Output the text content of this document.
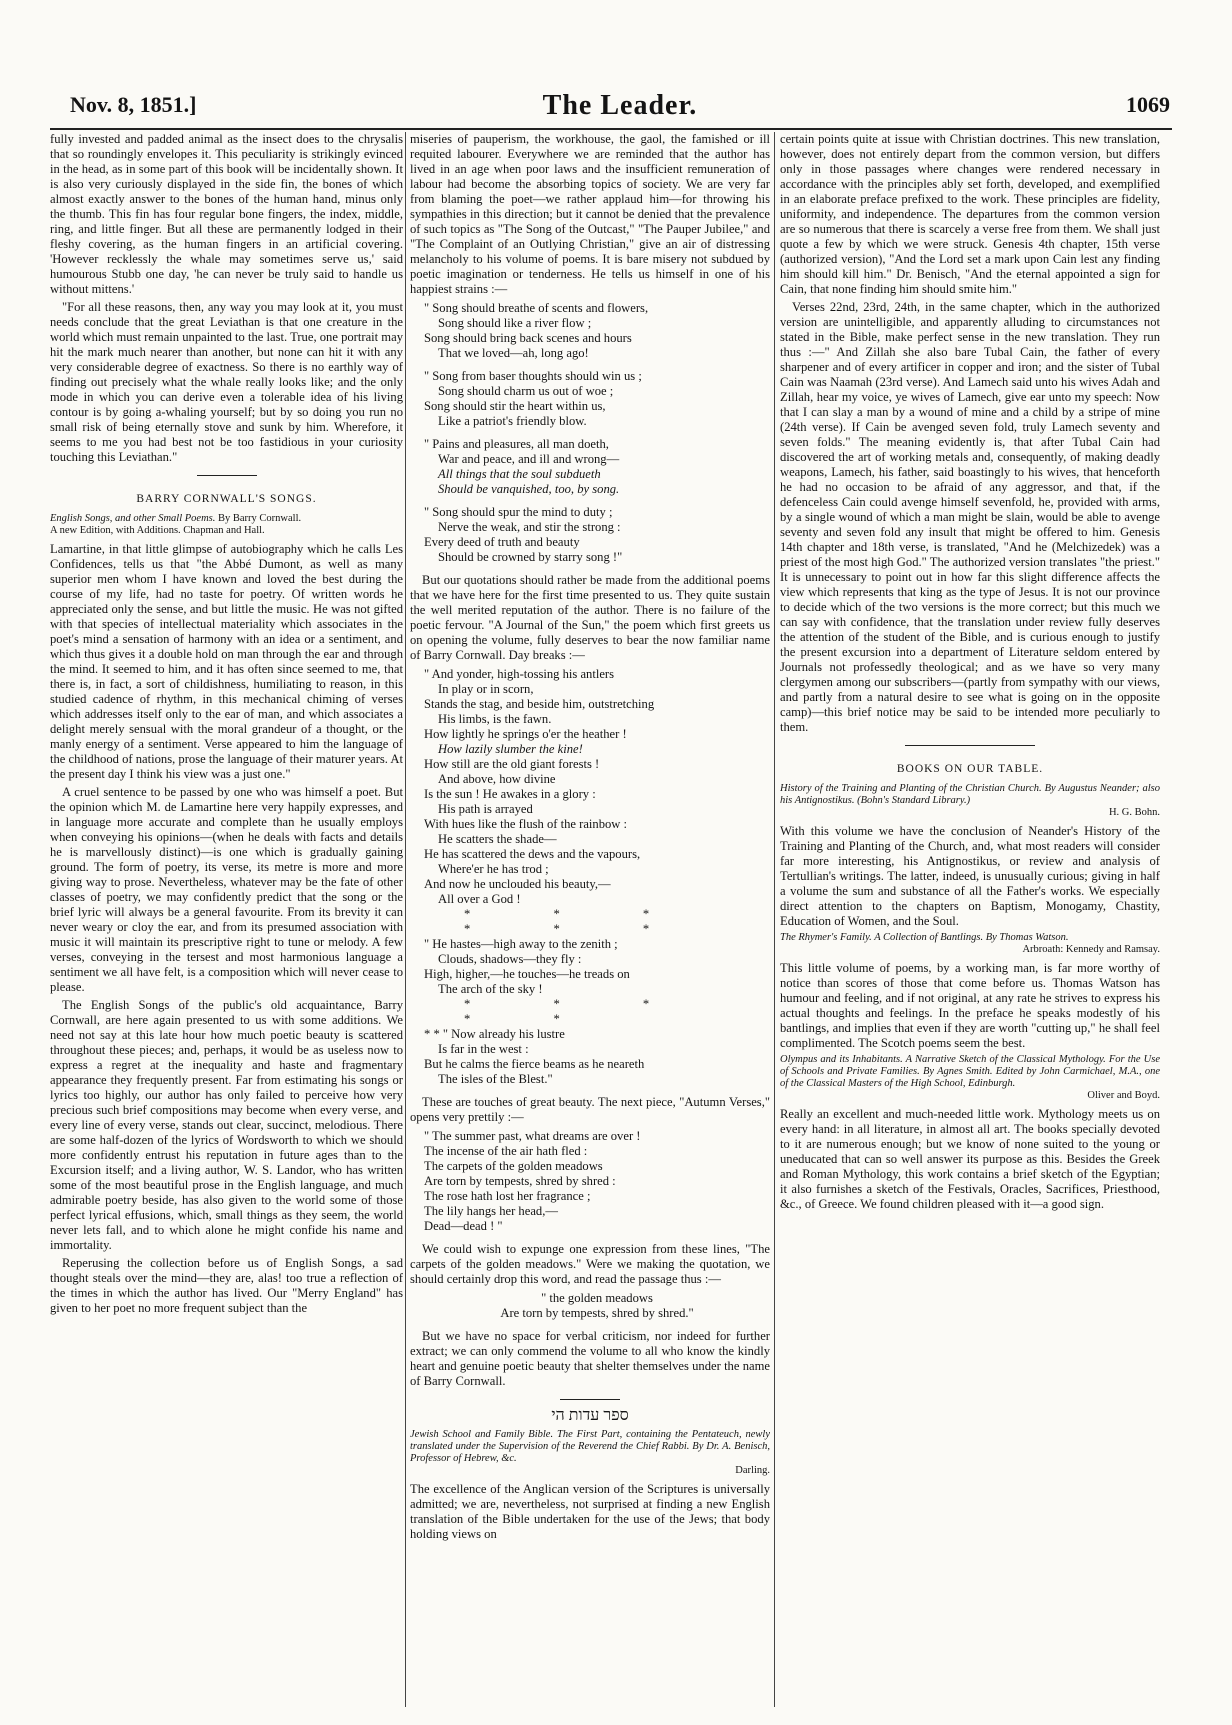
Nov. 8, 1851.]	The Leader.	1069

fully invested and padded animal as the insect does to the chrysalis that so roundingly envelopes it. This peculiarity is strikingly evinced in the head, as in some part of this book will be incidentally shown. It is also very curiously displayed in the side fin, the bones of which almost exactly answer to the bones of the human hand, minus only the thumb. This fin has four regular bone fingers, the index, middle, ring, and little finger. But all these are permanently lodged in their fleshy covering, as the human fingers in an artificial covering. 'However recklessly the whale may sometimes serve us,' said humourous Stubb one day, 'he can never be truly said to handle us without mittens.'

"For all these reasons, then, any way you may look at it, you must needs conclude that the great Leviathan is that one creature in the world which must remain unpainted to the last. True, one portrait may hit the mark much nearer than another, but none can hit it with any very considerable degree of exactness. So there is no earthly way of finding out precisely what the whale really looks like; and the only mode in which you can derive even a tolerable idea of his living contour is by going a-whaling yourself; but by so doing you run no small risk of being eternally stove and sunk by him. Wherefore, it seems to me you had best not be too fastidious in your curiosity touching this Leviathan."

BARRY CORNWALL'S SONGS.
English Songs, and other Small Poems. By Barry Cornwall.
A new Edition, with Additions. Chapman and Hall.

Lamartine, in that little glimpse of autobiography which he calls Les Confidences, tells us that "the Abbé Dumont, as well as many superior men whom I have known and loved the best during the course of my life, had no taste for poetry. Of written words he appreciated only the sense, and but little the music. He was not gifted with that species of intellectual materiality which associates in the poet's mind a sensation of harmony with an idea or a sentiment, and which thus gives it a double hold on man through the ear and through the mind. It seemed to him, and it has often since seemed to me, that there is, in fact, a sort of childishness, humiliating to reason, in this studied cadence of rhythm, in this mechanical chiming of verses which addresses itself only to the ear of man, and which associates a delight merely sensual with the moral grandeur of a thought, or the manly energy of a sentiment. Verse appeared to him the language of the childhood of nations, prose the language of their maturer years. At the present day I think his view was a just one."

A cruel sentence to be passed by one who was himself a poet. But the opinion which M. de Lamartine here very happily expresses, and in language more accurate and complete than he usually employs when conveying his opinions—(when he deals with facts and details he is marvellously distinct)—is one which is gradually gaining ground. The form of poetry, its verse, its metre is more and more giving way to prose. Nevertheless, whatever may be the fate of other classes of poetry, we may confidently predict that the song or the brief lyric will always be a general favourite. From its brevity it can never weary or cloy the ear, and from its presumed association with music it will maintain its prescriptive right to tune or melody. A few verses, conveying in the tersest and most harmonious language a sentiment we all have felt, is a composition which will never cease to please.

The English Songs of the public's old acquaintance, Barry Cornwall, are here again presented to us with some additions. We need not say at this late hour how much poetic beauty is scattered throughout these pieces; and, perhaps, it would be as useless now to express a regret at the inequality and haste and fragmentary appearance they frequently present. Far from estimating his songs or lyrics too highly, our author has only failed to perceive how very precious such brief compositions may become when every verse, and every line of every verse, stands out clear, succinct, melodious. There are some half-dozen of the lyrics of Wordsworth to which we should more confidently entrust his reputation in future ages than to the Excursion itself; and a living author, W. S. Landor, who has written some of the most beautiful prose in the English language, and much admirable poetry beside, has also given to the world some of those perfect lyrical effusions, which, small things as they seem, the world never lets fall, and to which alone he might confide his name and immortality.

Reperusing the collection before us of English Songs, a sad thought steals over the mind—they are, alas! too true a reflection of the times in which the author has lived. Our "Merry England" has given to her poet no more frequent subject than the

miseries of pauperism, the workhouse, the gaol, the famished or ill requited labourer. Everywhere we are reminded that the author has lived in an age when poor laws and the insufficient remuneration of labour had become the absorbing topics of society. We are very far from blaming the poet—we rather applaud him—for throwing his sympathies in this direction; but it cannot be denied that the prevalence of such topics as "The Song of the Outcast," "The Pauper Jubilee," and "The Complaint of an Outlying Christian," give an air of distressing melancholy to his volume of poems. It is bare misery not subdued by poetic imagination or tenderness. He tells us himself in one of his happiest strains :—

" Song should breathe of scents and flowers,
Song should like a river flow ;
Song should bring back scenes and hours
That we loved—ah, long ago!
" Song from baser thoughts should win us ;
Song should charm us out of woe ;
Song should stir the heart within us,
Like a patriot's friendly blow.
" Pains and pleasures, all man doeth,
War and peace, and ill and wrong—
All things that the soul subdueth
Should be vanquished, too, by song.
" Song should spur the mind to duty ;
Nerve the weak, and stir the strong :
Every deed of truth and beauty
Should be crowned by starry song !"

But our quotations should rather be made from the additional poems that we have here for the first time presented to us. They quite sustain the well merited reputation of the author. There is no failure of the poetic fervour. "A Journal of the Sun," the poem which first greets us on opening the volume, fully deserves to bear the now familiar name of Barry Cornwall. Day breaks :—

" And yonder, high-tossing his antlers
In play or in scorn,
Stands the stag, and beside him, outstretching
His limbs, is the fawn.
How lightly he springs o'er the heather !
How lazily slumber the kine!
How still are the old giant forests !
And above, how divine
Is the sun ! He awakes in a glory :
His path is arrayed
With hues like the flush of the rainbow :
He scatters the shade—
He has scattered the dews and the vapours,
Where'er he has trod ;
And now he unclouded his beauty,—
All over a God !
* * * * * *
" He hastes—high away to the zenith ;
Clouds, shadows—they fly :
High, higher,—he touches—he treads on
The arch of the sky !
* * * * *
* * " Now already his lustre
Is far in the west :
But he calms the fierce beams as he neareth
The isles of the Blest."

These are touches of great beauty. The next piece, "Autumn Verses," opens very prettily :—

" The summer past, what dreams are over !
The incense of the air hath fled :
The carpets of the golden meadows
Are torn by tempests, shred by shred :
The rose hath lost her fragrance ;
The lily hangs her head,—
Dead—dead ! "

We could wish to expunge one expression from these lines, "The carpets of the golden meadows." Were we making the quotation, we should certainly drop this word, and read the passage thus :—

" the golden meadows
Are torn by tempests, shred by shred."

But we have no space for verbal criticism, nor indeed for further extract; we can only commend the volume to all who know the kindly heart and genuine poetic beauty that shelter themselves under the name of Barry Cornwall.

ספר עדות הי
Jewish School and Family Bible. The First Part, containing the Pentateuch, newly translated under the Supervision of the Reverend the Chief Rabbi. By Dr. A. Benisch, Professor of Hebrew, &c.
Darling.

The excellence of the Anglican version of the Scriptures is universally admitted; we are, nevertheless, not surprised at finding a new English translation of the Bible undertaken for the use of the Jews; that body holding views on

certain points quite at issue with Christian doctrines. This new translation, however, does not entirely depart from the common version, but differs only in those passages where changes were rendered necessary in accordance with the principles ably set forth, developed, and exemplified in an elaborate preface prefixed to the work. These principles are fidelity, uniformity, and independence. The departures from the common version are so numerous that there is scarcely a verse free from them. We shall just quote a few by which we were struck. Genesis 4th chapter, 15th verse (authorized version), "And the Lord set a mark upon Cain lest any finding him should kill him." Dr. Benisch, "And the eternal appointed a sign for Cain, that none finding him should smite him."

Verses 22nd, 23rd, 24th, in the same chapter, which in the authorized version are unintelligible, and apparently alluding to circumstances not stated in the Bible, make perfect sense in the new translation. They run thus :—" And Zillah she also bare Tubal Cain, the father of every sharpener and of every artificer in copper and iron; and the sister of Tubal Cain was Naamah (23rd verse). And Lamech said unto his wives Adah and Zillah, hear my voice, ye wives of Lamech, give ear unto my speech: Now that I can slay a man by a wound of mine and a child by a stripe of mine (24th verse). If Cain be avenged seven fold, truly Lamech seventy and seven folds." The meaning evidently is, that after Tubal Cain had discovered the art of working metals and, consequently, of making deadly weapons, Lamech, his father, said boastingly to his wives, that henceforth he had no occasion to be afraid of any aggressor, and that, if the defenceless Cain could avenge himself sevenfold, he, provided with arms, by a single wound of which a man might be slain, would be able to avenge seventy and seven fold any insult that might be offered to him. Genesis 14th chapter and 18th verse, is translated, "And he (Melchizedek) was a priest of the most high God." The authorized version translates "the priest." It is unnecessary to point out in how far this slight difference affects the view which represents that king as the type of Jesus. It is not our province to decide which of the two versions is the more correct; but this much we can say with confidence, that the translation under review fully deserves the attention of the student of the Bible, and is curious enough to justify the present excursion into a department of Literature seldom entered by Journals not professedly theological; and as we have so very many clergymen among our subscribers—(partly from sympathy with our views, and partly from a natural desire to see what is going on in the opposite camp)—this brief notice may be said to be intended more peculiarly to them.

BOOKS ON OUR TABLE.
History of the Training and Planting of the Christian Church. By Augustus Neander; also his Antignostikus. (Bohn's Standard Library.)
H. G. Bohn.

With this volume we have the conclusion of Neander's History of the Training and Planting of the Church, and, what most readers will consider far more interesting, his Antignostikus, or review and analysis of Tertullian's writings. The latter, indeed, is unusually curious; giving in half a volume the sum and substance of all the Father's works. We especially direct attention to the chapters on Baptism, Monogamy, Chastity, Education of Women, and the Soul.

The Rhymer's Family. A Collection of Bantlings. By Thomas Watson.
Arbroath: Kennedy and Ramsay.

This little volume of poems, by a working man, is far more worthy of notice than scores of those that come before us. Thomas Watson has humour and feeling, and if not original, at any rate he strives to express his actual thoughts and feelings. In the preface he speaks modestly of his bantlings, and implies that even if they are worth "cutting up," he shall feel complimented. The Scotch poems seem the best.

Olympus and its Inhabitants. A Narrative Sketch of the Classical Mythology. For the Use of Schools and Private Families. By Agnes Smith. Edited by John Carmichael, M.A., one of the Classical Masters of the High School, Edinburgh.
Oliver and Boyd.

Really an excellent and much-needed little work. Mythology meets us on every hand: in all literature, in almost all art. The books specially devoted to it are numerous enough; but we know of none suited to the young or uneducated that can so well answer its purpose as this. Besides the Greek and Roman Mythology, this work contains a brief sketch of the Egyptian; it also furnishes a sketch of the Festivals, Oracles, Sacrifices, Priesthood, &c., of Greece. We found children pleased with it—a good sign.
